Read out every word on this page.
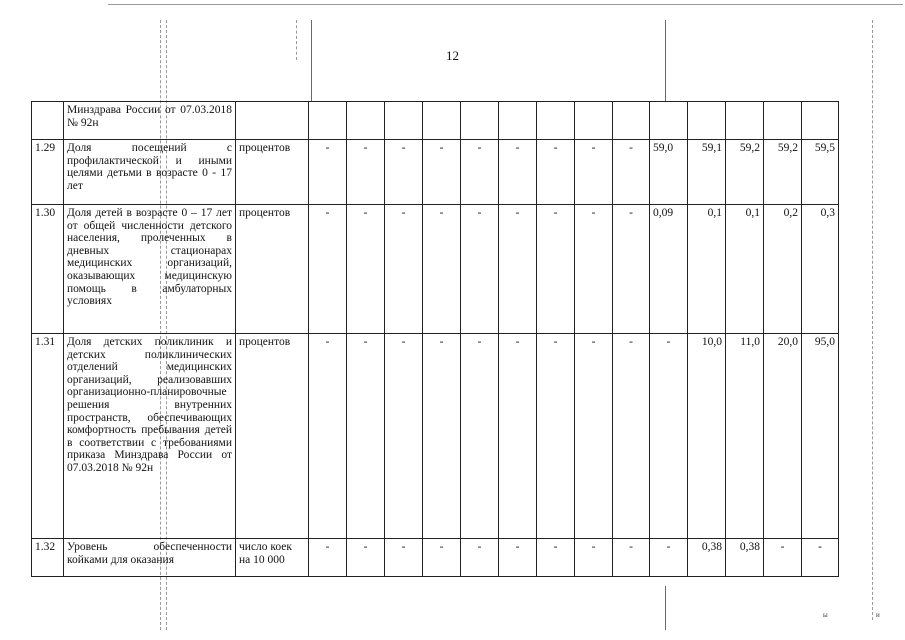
12
	Минздрава России от 07.03.2018 № 92н															
1.29	Доля посещений с профилактической и иными целями детьми в возрасте 0 - 17 лет	процентов	-	-	-	-	-	-	-	-	-	59,0	59,1	59,2	59,2	59,5
1.30	Доля детей в возрасте 0 – 17 лет от общей численности детского населения, пролеченных в дневных стационарах медицинских организаций, оказывающих медицинскую помощь в амбулаторных условиях	процентов	-	-	-	-	-	-	-	-	-	0,09	0,1	0,1	0,2	0,3
1.31	Доля детских поликлиник и детских поликлинических отделений медицинских организаций, реализовавших организационно-планировочные решения внутренних пространств, обеспечивающих комфортность пребывания детей в соответствии с требованиями приказа Минздрава России от 07.03.2018 № 92н	процентов	-	-	-	-	-	-	-	-	-	-	10,0	11,0	20,0	95,0
1.32	Уровень обеспеченности койками для оказания	число коек на 10 000	-	-	-	-	-	-	-	-	-	-	0,38	0,38	-	-
ы	и
